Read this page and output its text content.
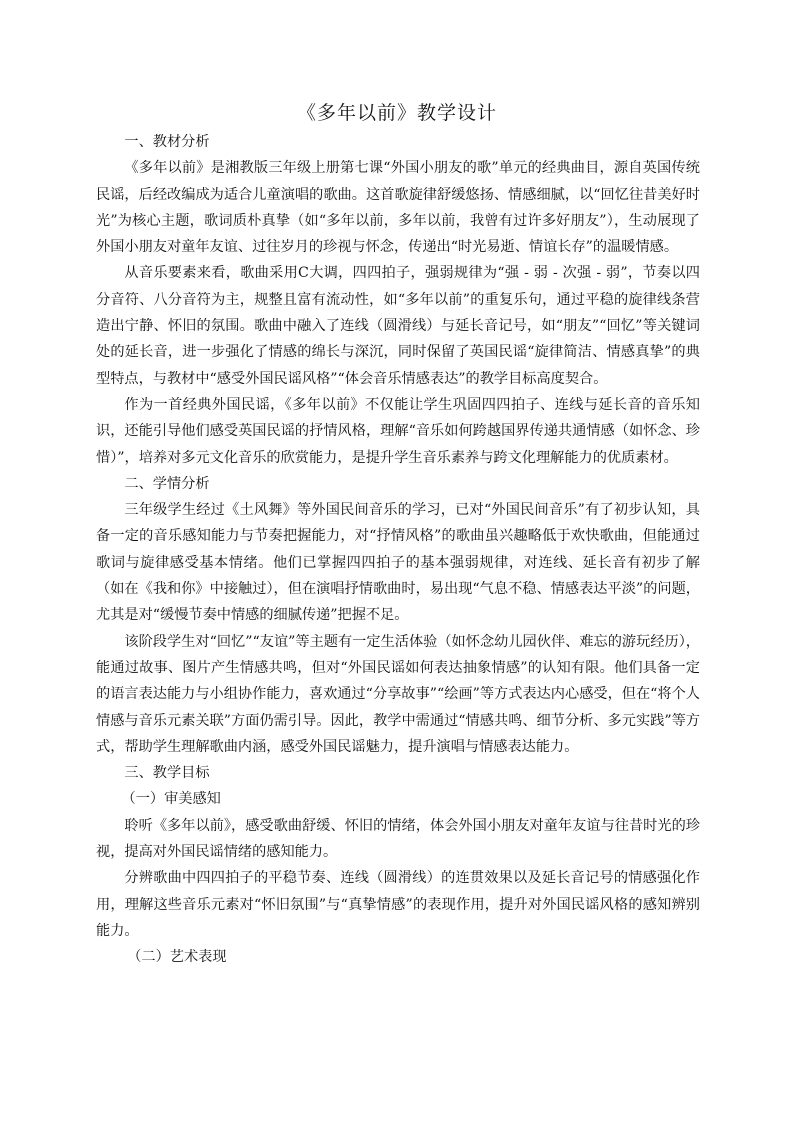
《多年以前》教学设计

一、教材分析

《多年以前》是湘教版三年级上册第七课“外国小朋友的歌”单元的经典曲目，源自英国传统民谣，后经改编成为适合儿童演唱的歌曲。这首歌旋律舒缓悠扬、情感细腻，以“回忆往昔美好时光”为核心主题，歌词质朴真挚（如“多年以前，多年以前，我曾有过许多好朋友”），生动展现了外国小朋友对童年友谊、过往岁月的珍视与怀念，传递出“时光易逝、情谊长存”的温暖情感。

从音乐要素来看，歌曲采用C大调，四四拍子，强弱规律为“强 - 弱 - 次强 - 弱”，节奏以四分音符、八分音符为主，规整且富有流动性，如“多年以前”的重复乐句，通过平稳的旋律线条营造出宁静、怀旧的氛围。歌曲中融入了连线（圆滑线）与延长音记号，如“朋友”“回忆”等关键词处的延长音，进一步强化了情感的绵长与深沉，同时保留了英国民谣“旋律简洁、情感真挚”的典型特点，与教材中“感受外国民谣风格”“体会音乐情感表达”的教学目标高度契合。

作为一首经典外国民谣，《多年以前》不仅能让学生巩固四四拍子、连线与延长音的音乐知识，还能引导他们感受英国民谣的抒情风格，理解“音乐如何跨越国界传递共通情感（如怀念、珍惜）”，培养对多元文化音乐的欣赏能力，是提升学生音乐素养与跨文化理解能力的优质素材。

二、学情分析

三年级学生经过《土风舞》等外国民间音乐的学习，已对“外国民间音乐”有了初步认知，具备一定的音乐感知能力与节奏把握能力，对“抒情风格”的歌曲虽兴趣略低于欢快歌曲，但能通过歌词与旋律感受基本情绪。他们已掌握四四拍子的基本强弱规律，对连线、延长音有初步了解（如在《我和你》中接触过），但在演唱抒情歌曲时，易出现“气息不稳、情感表达平淡”的问题，尤其是对“缓慢节奏中情感的细腻传递”把握不足。

该阶段学生对“回忆”“友谊”等主题有一定生活体验（如怀念幼儿园伙伴、难忘的游玩经历），能通过故事、图片产生情感共鸣，但对“外国民谣如何表达抽象情感”的认知有限。他们具备一定的语言表达能力与小组协作能力，喜欢通过“分享故事”“绘画”等方式表达内心感受，但在“将个人情感与音乐元素关联”方面仍需引导。因此，教学中需通过“情感共鸣、细节分析、多元实践”等方式，帮助学生理解歌曲内涵，感受外国民谣魅力，提升演唱与情感表达能力。

三、教学目标

（一）审美感知

聆听《多年以前》，感受歌曲舒缓、怀旧的情绪，体会外国小朋友对童年友谊与往昔时光的珍视，提高对外国民谣情绪的感知能力。

分辨歌曲中四四拍子的平稳节奏、连线（圆滑线）的连贯效果以及延长音记号的情感强化作用，理解这些音乐元素对“怀旧氛围”与“真挚情感”的表现作用，提升对外国民谣风格的感知辨别能力。

（二）艺术表现
